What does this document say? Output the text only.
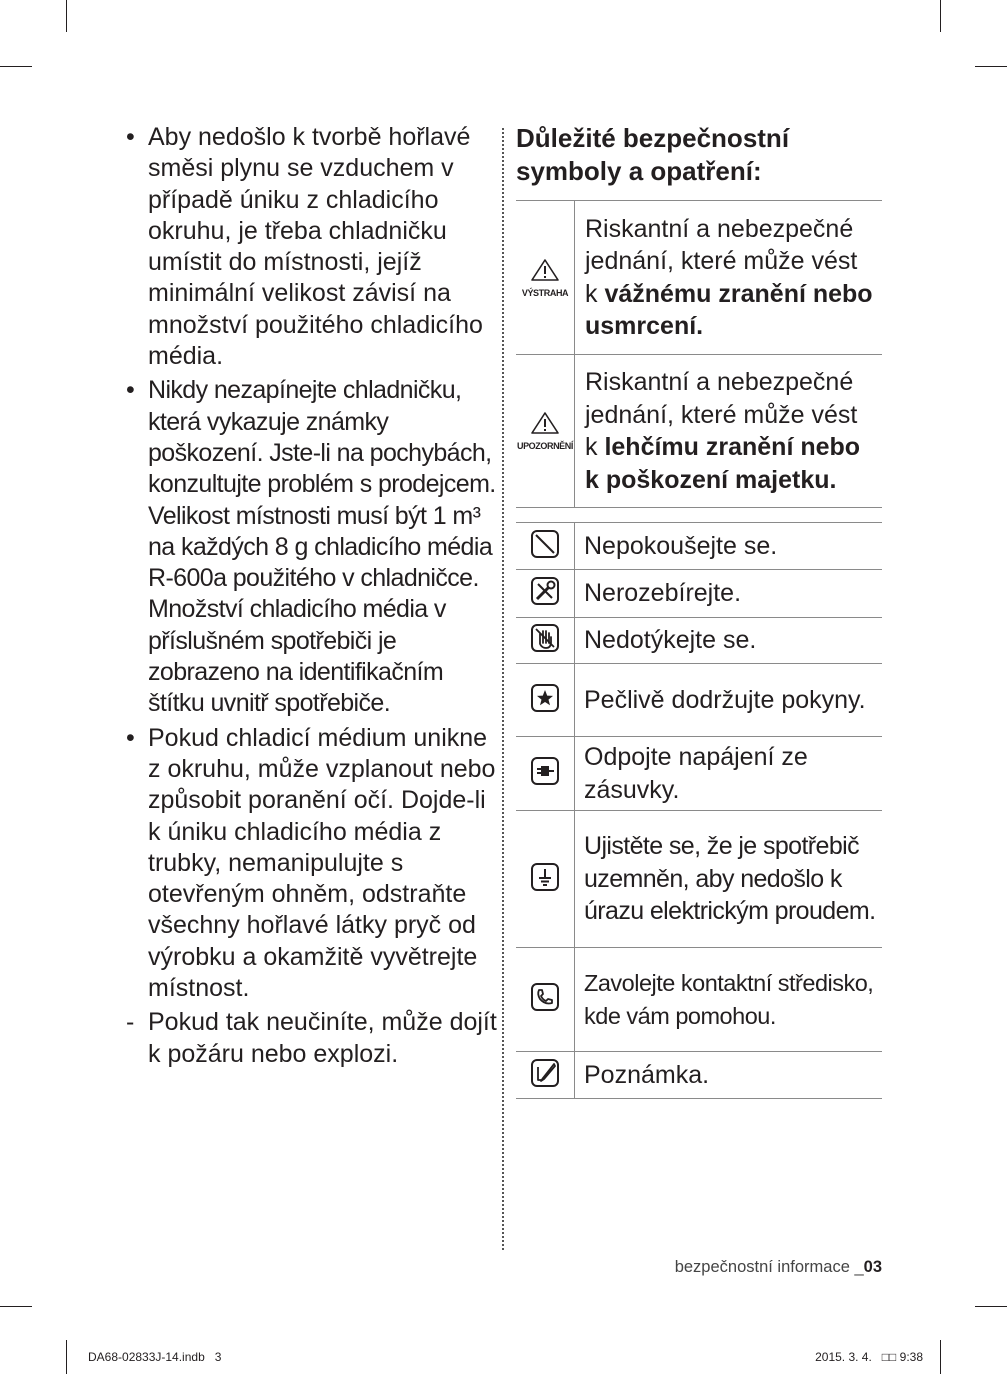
• Aby nedošlo k tvorbě hořlavé směsi plynu se vzduchem v případě úniku z chladicího okruhu, je třeba chladničku umístit do místnosti, jejíž minimální velikost závisí na množství použitého chladicího média.
• Nikdy nezapínejte chladničku, která vykazuje známky poškození. Jste-li na pochybách, konzultujte problém s prodejcem. Velikost místnosti musí být 1 m³ na každých 8 g chladicího média R-600a použitého v chladničce. Množství chladicího média v příslušném spotřebiči je zobrazeno na identifikačním štítku uvnitř spotřebiče.
• Pokud chladicí médium unikne z okruhu, může vzplanout nebo způsobit poranění očí. Dojde-li k úniku chladicího média z trubky, nemanipulujte s otevřeným ohněm, odstraňte všechny hořlavé látky pryč od výrobku a okamžitě vyvětrejte místnost.
- Pokud tak neučiníte, může dojít k požáru nebo explozi.
Důležité bezpečnostní symboly a opatření:
VÝSTRAHA	Riskantní a nebezpečné jednání, které může vést k vážnému zranění nebo usmrcení.

UPOZORNĚNÍ	Riskantní a nebezpečné jednání, které může vést k lehčímu zranění nebo k poškození majetku.
	Nepokoušejte se.
	Nerozebírejte.
	Nedotýkejte se.
	Pečlivě dodržujte pokyny.
	Odpojte napájení ze zásuvky.
	Ujistěte se, že je spotřebič uzemněn, aby nedošlo k úrazu elektrickým proudem.
	Zavolejte kontaktní středisko, kde vám pomohou.
	Poznámka.
bezpečnostní informace _03
DA68-02833J-14.indb   3	2015. 3. 4.   □□ 9:38
